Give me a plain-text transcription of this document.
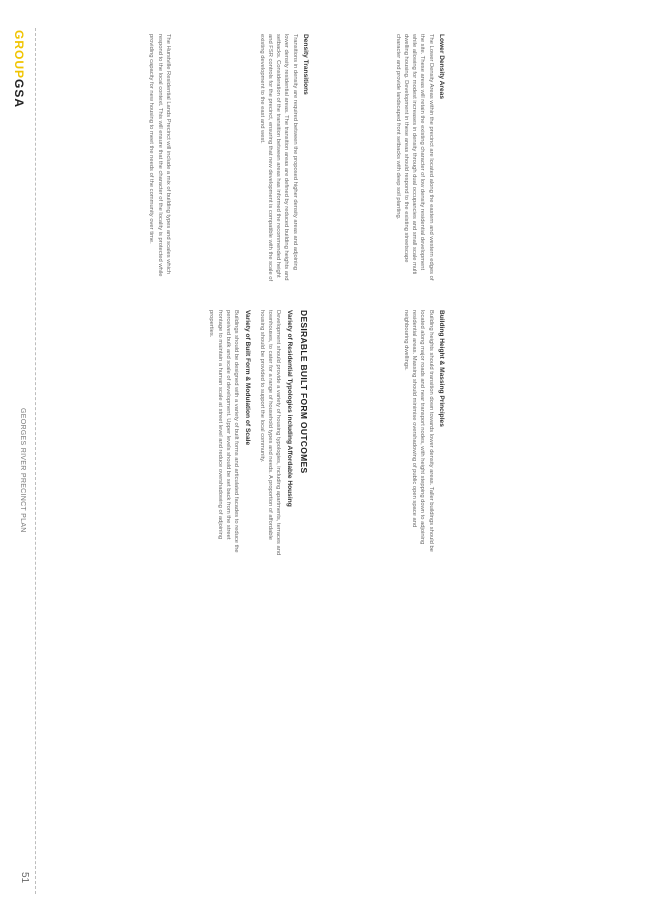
The Hurstville Residential Lands Precinct will include a mix of building types and scales which respond to the local context. This will ensure that the character of the locality is protected while providing capacity for new housing to meet the needs of the community over time.	Density Transitions

Transitions in density are required between the proposed higher density areas and adjoining lower density residential areas. The transition areas are defined by reduced building heights and setbacks. Consideration of the transition between areas has informed the recommended height and FSR controls for the precinct, ensuring that new development is compatible with the scale of existing development to the east and west.	Lower Density Areas

The Lower Density Areas within the precinct are located along the eastern and western edges of the site. These areas will retain the existing character of low density residential development while allowing for modest increases in density through dual occupancies and small scale multi dwelling housing. Development in these areas should respond to the existing streetscape character and provide landscaped front setbacks with deep soil planting.

DESIRABLE BUILT FORM OUTCOMES
Variety of Residential Typologies including Affordable Housing

Development should provide a variety of housing typologies, including apartments, terraces and townhouses, to cater for a range of household types and needs. A proportion of affordable housing should be provided to support the local community.

Variety of Built Form & Modulation of Scale

Buildings should be designed with a variety of built forms and articulated facades to reduce the perceived bulk and scale of development. Upper levels should be set back from the street frontage to maintain a human scale at street level and reduce overshadowing of adjoining properties.	Building Height & Massing Principles

Building heights should transition down towards lower density areas. Taller buildings should be located along major roads and near transport nodes, with height stepping down to adjoining residential areas. Massing should minimise overshadowing of public open space and neighbouring dwellings.

GROUPGSA
GEORGES RIVER PRECINCT PLAN
51
